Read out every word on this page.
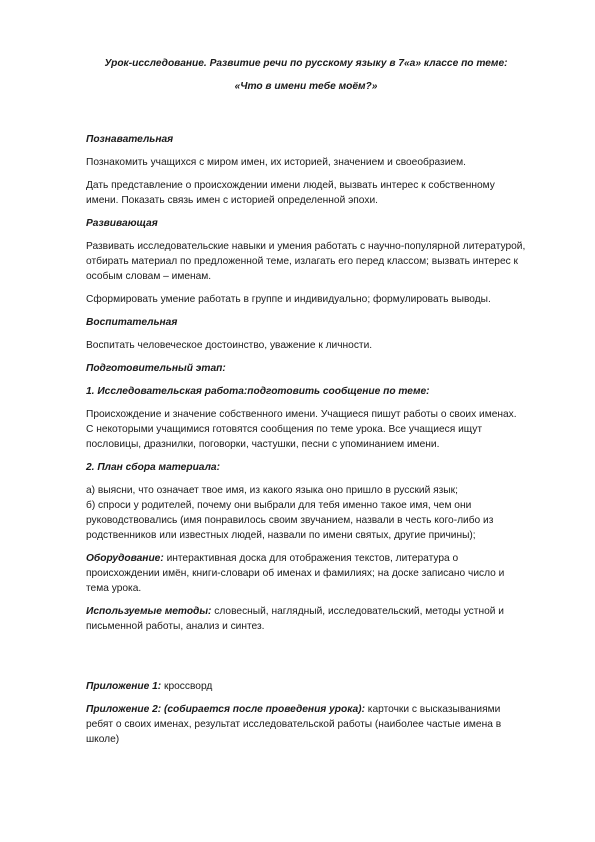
Урок-исследование. Развитие речи по русскому языку в 7«а» классе по теме:

«Что в имени тебе моём?»

Познавательная

Познакомить учащихся с миром имен, их историей, значением и своеобразием.

Дать представление о происхождении имени людей, вызвать интерес к собственному имени. Показать связь имен с историей определенной эпохи.

Развивающая

Развивать исследовательские навыки и умения работать с научно-популярной литературой, отбирать материал по предложенной теме, излагать его перед классом; вызвать интерес к особым словам – именам.

Сформировать умение работать в группе и индивидуально; формулировать выводы.

Воспитательная

Воспитать человеческое достоинство, уважение к личности.

Подготовительный этап:

1. Исследовательская работа:подготовить сообщение по теме:

Происхождение и значение собственного имени. Учащиеся пишут работы о своих именах. С некоторыми учащимися готовятся сообщения по теме урока. Все учащиеся ищут пословицы, дразнилки, поговорки, частушки, песни с упоминанием имени.

2. План сбора материала:

а) выясни, что означает твое имя, из какого языка оно пришло в русский язык;

б) спроси у родителей, почему они выбрали для тебя именно такое имя, чем они руководствовались (имя понравилось своим звучанием, назвали в честь кого-либо из родственников или известных людей, назвали по имени святых, другие причины);

Оборудование: интерактивная доска для отображения текстов, литература о происхождении имён, книги-словари об именах и фамилиях; на доске записано число и тема урока.

Используемые методы: словесный, наглядный, исследовательский, методы устной и письменной работы, анализ и синтез.

Приложение 1: кроссворд

Приложение 2: (собирается после проведения урока): карточки с высказываниями ребят о своих именах, результат исследовательской работы (наиболее частые имена в школе)
